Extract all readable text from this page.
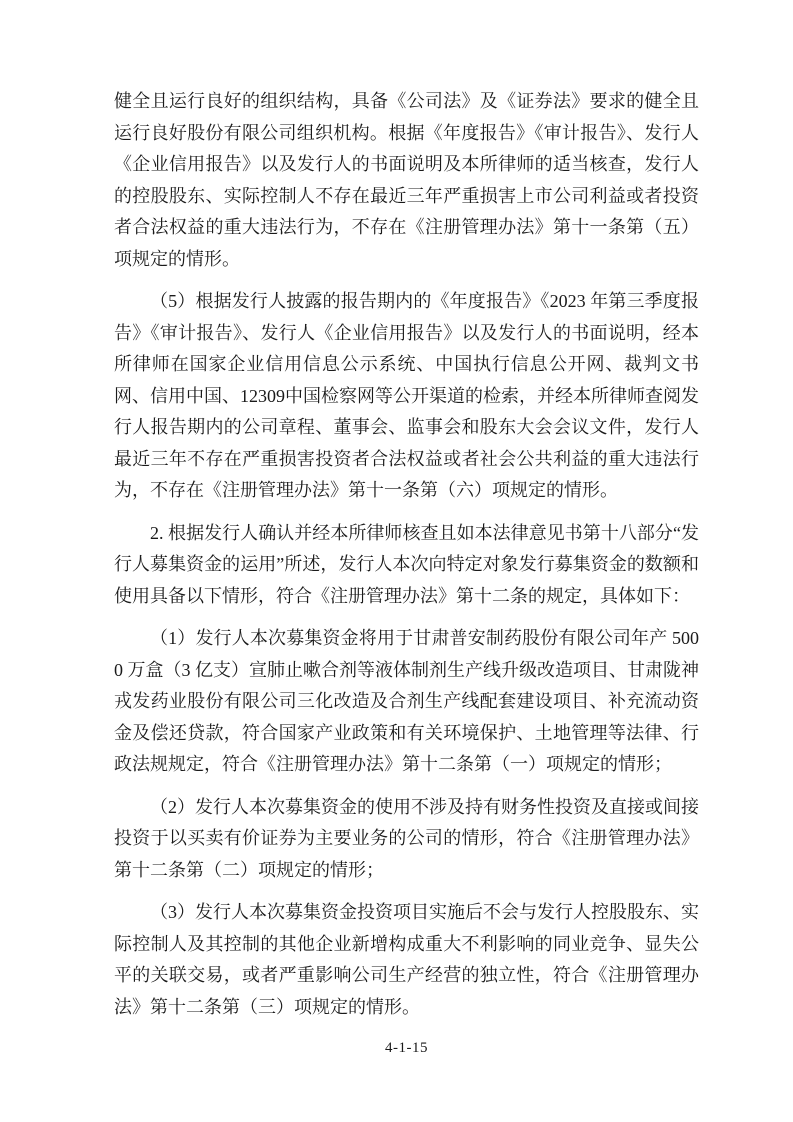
健全且运行良好的组织结构，具备《公司法》及《证券法》要求的健全且运行良好股份有限公司组织机构。根据《年度报告》《审计报告》、发行人《企业信用报告》以及发行人的书面说明及本所律师的适当核查，发行人的控股股东、实际控制人不存在最近三年严重损害上市公司利益或者投资者合法权益的重大违法行为，不存在《注册管理办法》第十一条第（五）项规定的情形。

（5）根据发行人披露的报告期内的《年度报告》《2023 年第三季度报告》《审计报告》、发行人《企业信用报告》以及发行人的书面说明，经本所律师在国家企业信用信息公示系统、中国执行信息公开网、裁判文书网、信用中国、12309中国检察网等公开渠道的检索，并经本所律师查阅发行人报告期内的公司章程、董事会、监事会和股东大会会议文件，发行人最近三年不存在严重损害投资者合法权益或者社会公共利益的重大违法行为，不存在《注册管理办法》第十一条第（六）项规定的情形。

2. 根据发行人确认并经本所律师核查且如本法律意见书第十八部分“发行人募集资金的运用”所述，发行人本次向特定对象发行募集资金的数额和使用具备以下情形，符合《注册管理办法》第十二条的规定，具体如下：

（1）发行人本次募集资金将用于甘肃普安制药股份有限公司年产 5000 万盒（3 亿支）宣肺止嗽合剂等液体制剂生产线升级改造项目、甘肃陇神戎发药业股份有限公司三化改造及合剂生产线配套建设项目、补充流动资金及偿还贷款，符合国家产业政策和有关环境保护、土地管理等法律、行政法规规定，符合《注册管理办法》第十二条第（一）项规定的情形；

（2）发行人本次募集资金的使用不涉及持有财务性投资及直接或间接投资于以买卖有价证券为主要业务的公司的情形，符合《注册管理办法》第十二条第（二）项规定的情形；

（3）发行人本次募集资金投资项目实施后不会与发行人控股股东、实际控制人及其控制的其他企业新增构成重大不利影响的同业竞争、显失公平的关联交易，或者严重影响公司生产经营的独立性，符合《注册管理办法》第十二条第（三）项规定的情形。

4-1-15
